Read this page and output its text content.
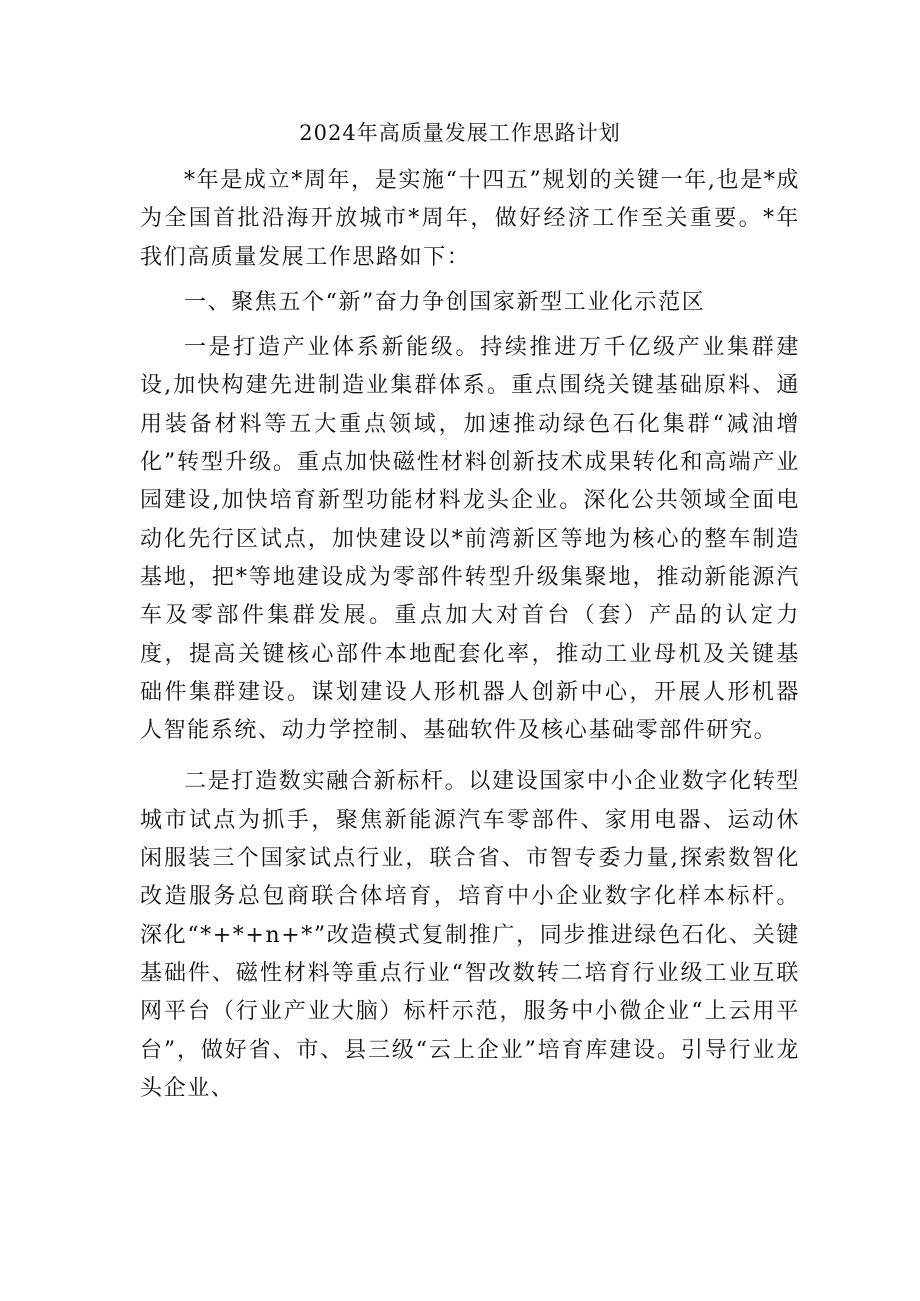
2024年高质量发展工作思路计划

*年是成立*周年，是实施“十四五”规划的关键一年,也是*成为全国首批沿海开放城市*周年，做好经济工作至关重要。*年我们高质量发展工作思路如下：

一、聚焦五个“新”奋力争创国家新型工业化示范区

一是打造产业体系新能级。持续推进万千亿级产业集群建设,加快构建先进制造业集群体系。重点围绕关键基础原料、通用装备材料等五大重点领域，加速推动绿色石化集群“减油增化”转型升级。重点加快磁性材料创新技术成果转化和高端产业园建设,加快培育新型功能材料龙头企业。深化公共领域全面电动化先行区试点，加快建设以*前湾新区等地为核心的整车制造基地，把*等地建设成为零部件转型升级集聚地，推动新能源汽车及零部件集群发展。重点加大对首台（套）产品的认定力度，提高关键核心部件本地配套化率，推动工业母机及关键基础件集群建设。谋划建设人形机器人创新中心，开展人形机器人智能系统、动力学控制、基础软件及核心基础零部件研究。

二是打造数实融合新标杆。以建设国家中小企业数字化转型城市试点为抓手，聚焦新能源汽车零部件、家用电器、运动休闲服装三个国家试点行业，联合省、市智专委力量,探索数智化改造服务总包商联合体培育，培育中小企业数字化样本标杆。深化“*+*+n+*”改造模式复制推广，同步推进绿色石化、关键基础件、磁性材料等重点行业“智改数转二培育行业级工业互联网平台（行业产业大脑）标杆示范，服务中小微企业“上云用平台”，做好省、市、县三级“云上企业”培育库建设。引导行业龙头企业、
